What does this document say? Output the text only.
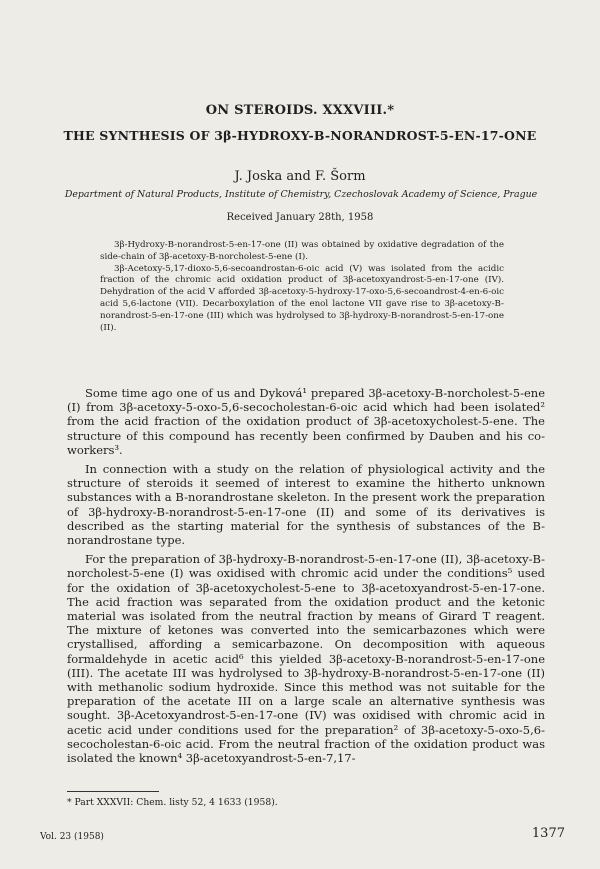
ON STEROIDS. XXXVIII.*
THE SYNTHESIS OF 3β-HYDROXY-B-NORANDROST-5-EN-17-ONE
J. Joska and F. Šorm
Department of Natural Products, Institute of Chemistry, Czechoslovak Academy of Science, Prague
Received January 28th, 1958

3β-Hydroxy-B-norandrost-5-en-17-one (II) was obtained by oxidative degradation of the side-chain of 3β-acetoxy-B-norcholest-5-ene (I).

3β-Acetoxy-5,17-dioxo-5,6-secoandrostan-6-oic acid (V) was isolated from the acidic fraction of the chromic acid oxidation product of 3β-acetoxyandrost-5-en-17-one (IV). Dehydration of the acid V afforded 3β-acetoxy-5-hydroxy-17-oxo-5,6-secoandrost-4-en-6-oic acid 5,6-lactone (VII). Decarboxylation of the enol lactone VII gave rise to 3β-acetoxy-B-norandrost-5-en-17-one (III) which was hydrolysed to 3β-hydroxy-B-norandrost-5-en-17-one (II).

Some time ago one of us and Dyková¹ prepared 3β-acetoxy-B-norcholest-5-ene (I) from 3β-acetoxy-5-oxo-5,6-secocholestan-6-oic acid which had been isolated² from the acid fraction of the oxidation product of 3β-acetoxycholest-5-ene. The structure of this compound has recently been confirmed by Dauben and his co-workers³.

In connection with a study on the relation of physiological activity and the structure of steroids it seemed of interest to examine the hitherto unknown substances with a B-norandrostane skeleton. In the present work the preparation of 3β-hydroxy-B-norandrost-5-en-17-one (II) and some of its derivatives is described as the starting material for the synthesis of substances of the B-norandrostane type.

For the preparation of 3β-hydroxy-B-norandrost-5-en-17-one (II), 3β-acetoxy-B-norcholest-5-ene (I) was oxidised with chromic acid under the conditions⁵ used for the oxidation of 3β-acetoxycholest-5-ene to 3β-acetoxyandrost-5-en-17-one. The acid fraction was separated from the oxidation product and the ketonic material was isolated from the neutral fraction by means of Girard T reagent. The mixture of ketones was converted into the semicarbazones which were crystallised, affording a semicarbazone. On decomposition with aqueous formaldehyde in acetic acid⁶ this yielded 3β-acetoxy-B-norandrost-5-en-17-one (III). The acetate III was hydrolysed to 3β-hydroxy-B-norandrost-5-en-17-one (II) with methanolic sodium hydroxide. Since this method was not suitable for the preparation of the acetate III on a large scale an alternative synthesis was sought. 3β-Acetoxyandrost-5-en-17-one (IV) was oxidised with chromic acid in acetic acid under conditions used for the preparation² of 3β-acetoxy-5-oxo-5,6-secocholestan-6-oic acid. From the neutral fraction of the oxidation product was isolated the known⁴ 3β-acetoxyandrost-5-en-7,17-

* Part XXXVII: Chem. listy 52, 4 1633 (1958).
Vol. 23 (1958)	1377
